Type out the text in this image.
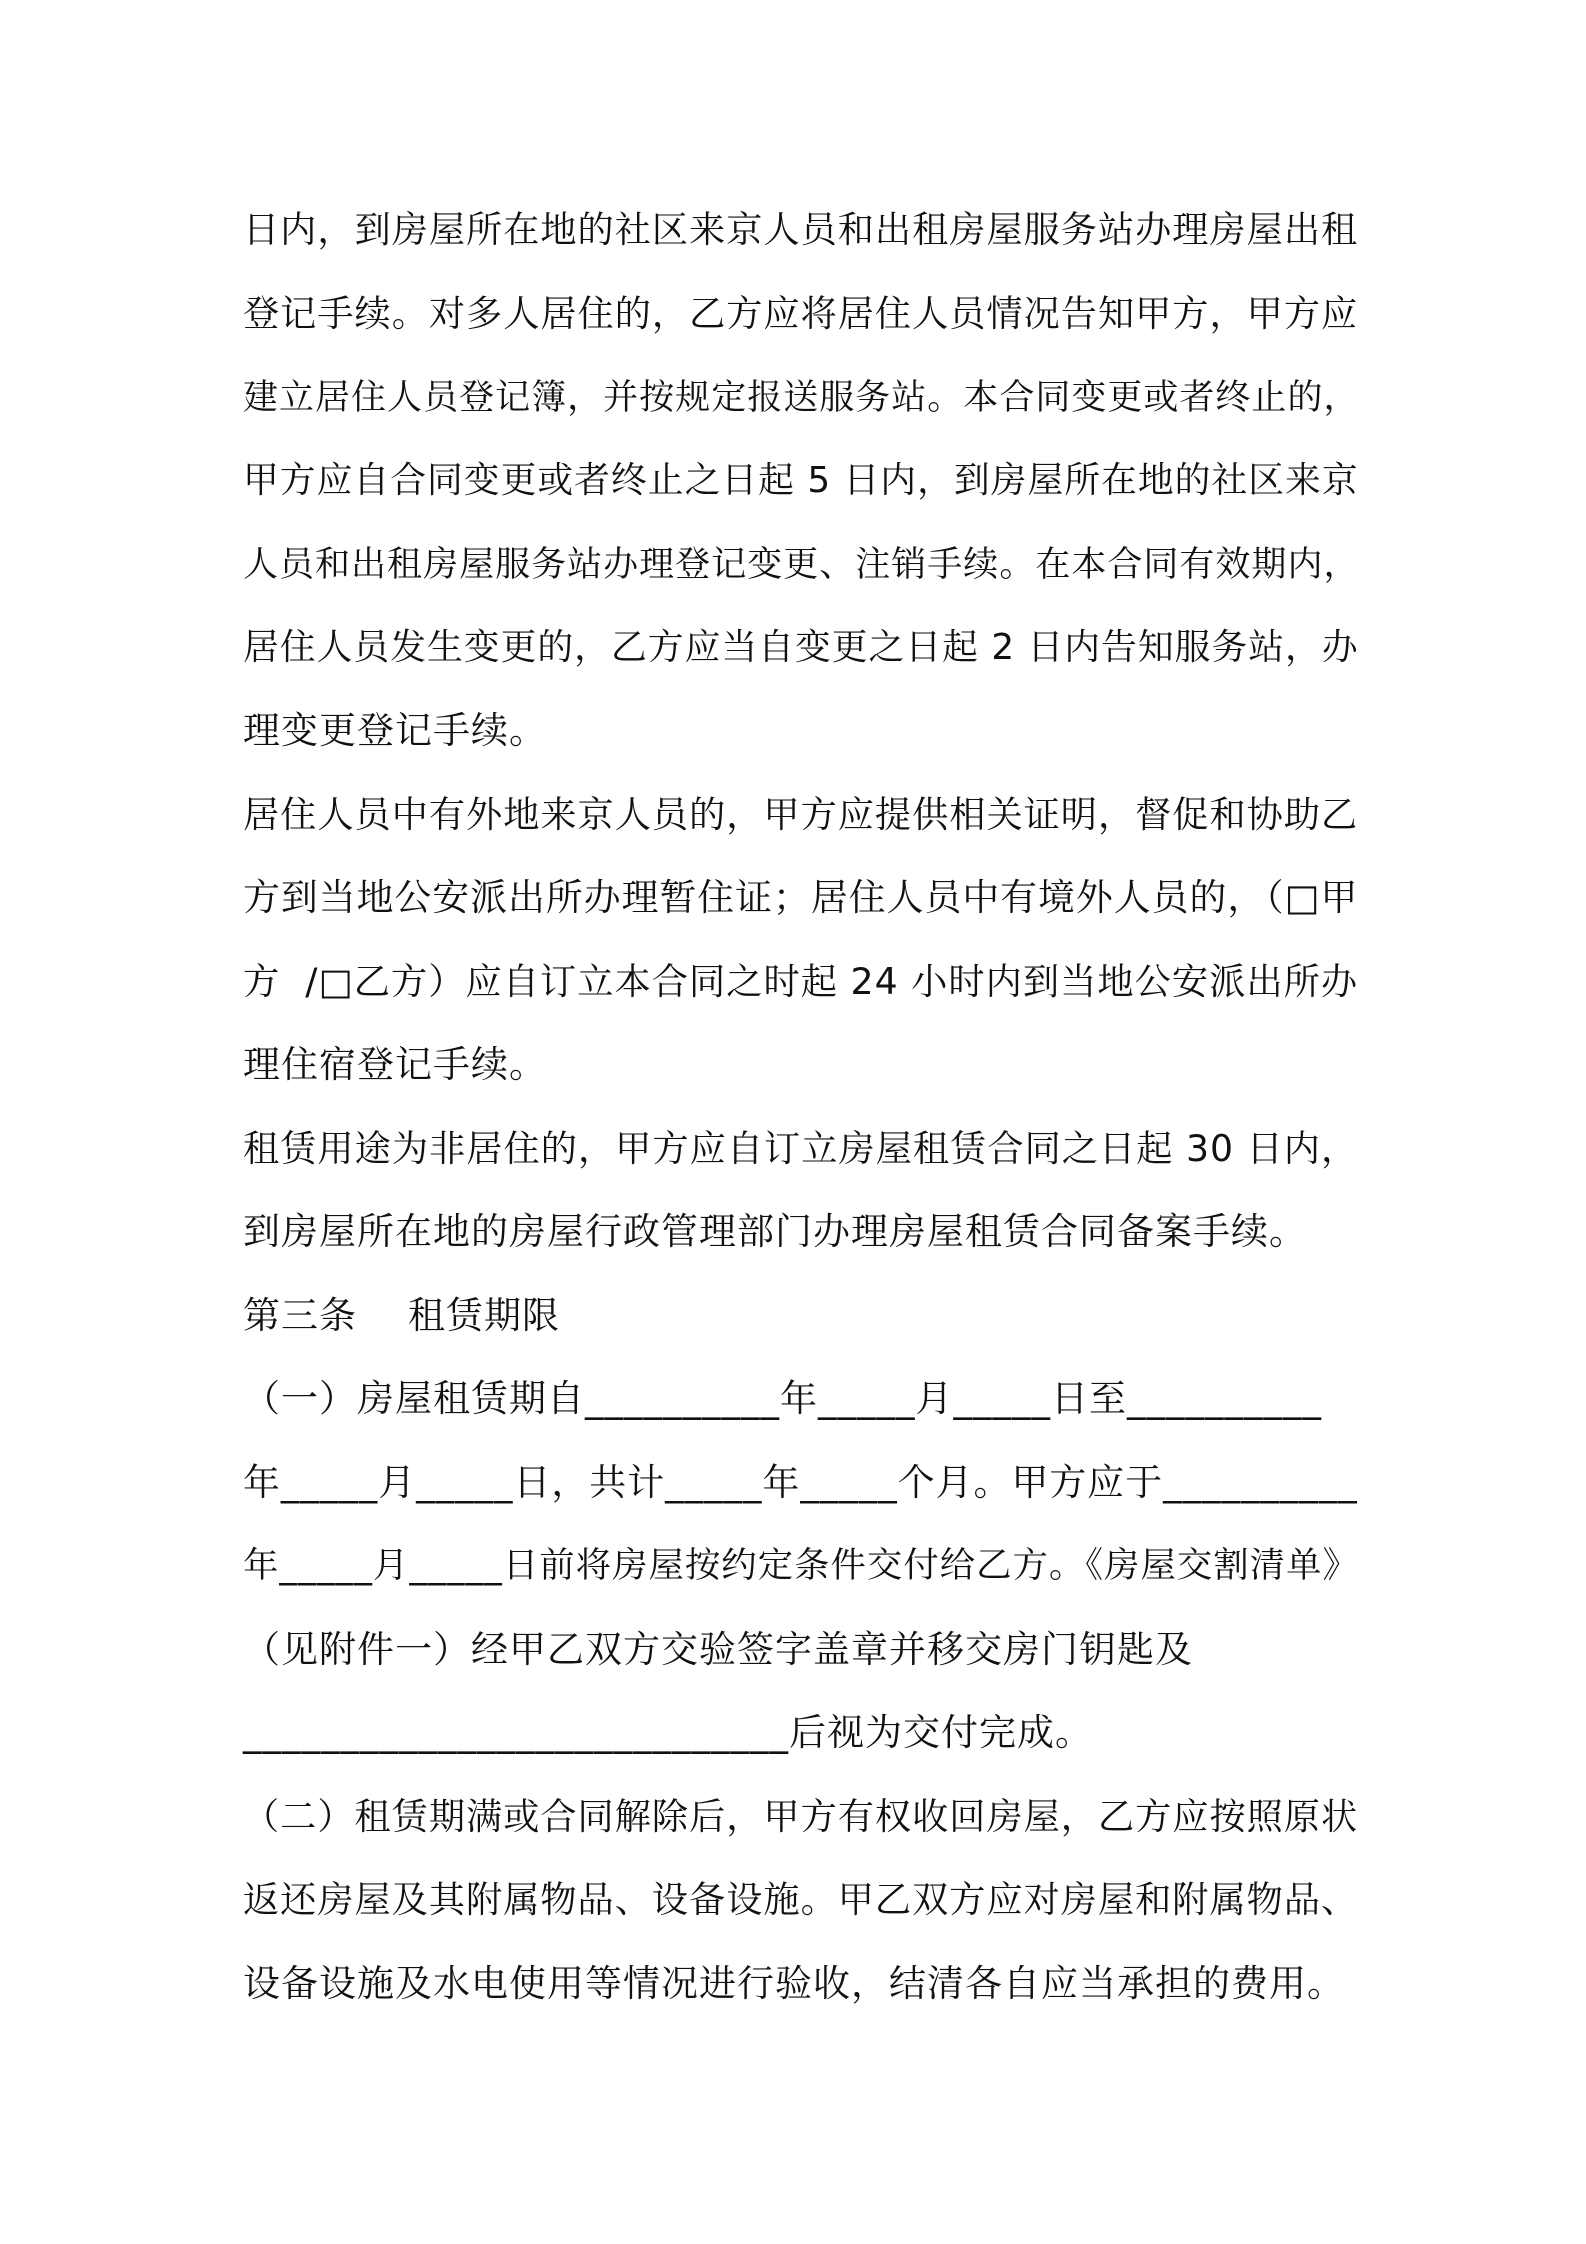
日内，到房屋所在地的社区来京人员和出租房屋服务站办理房屋出租
登记手续。对多人居住的，乙方应将居住人员情况告知甲方，甲方应
建立居住人员登记簿，并按规定报送服务站。本合同变更或者终止的，
甲方应自合同变更或者终止之日起 5 日内，到房屋所在地的社区来京
人员和出租房屋服务站办理登记变更、注销手续。在本合同有效期内，
居住人员发生变更的，乙方应当自变更之日起 2 日内告知服务站，办
理变更登记手续。
居住人员中有外地来京人员的，甲方应提供相关证明，督促和协助乙
方到当地公安派出所办理暂住证；居住人员中有境外人员的，（□甲
方  /□乙方）应自订立本合同之时起 24 小时内到当地公安派出所办
理住宿登记手续。
租赁用途为非居住的，甲方应自订立房屋租赁合同之日起 30 日内，
到房屋所在地的房屋行政管理部门办理房屋租赁合同备案手续。
第三条    租赁期限
（一）房屋租赁期自__________年_____月_____日至__________
年_____月_____日，共计_____年_____个月。甲方应于__________
年_____月_____日前将房屋按约定条件交付给乙方。《房屋交割清单》
（见附件一）经甲乙双方交验签字盖章并移交房门钥匙及
____________________________后视为交付完成。
（二）租赁期满或合同解除后，甲方有权收回房屋，乙方应按照原状
返还房屋及其附属物品、设备设施。甲乙双方应对房屋和附属物品、
设备设施及水电使用等情况进行验收，结清各自应当承担的费用。
